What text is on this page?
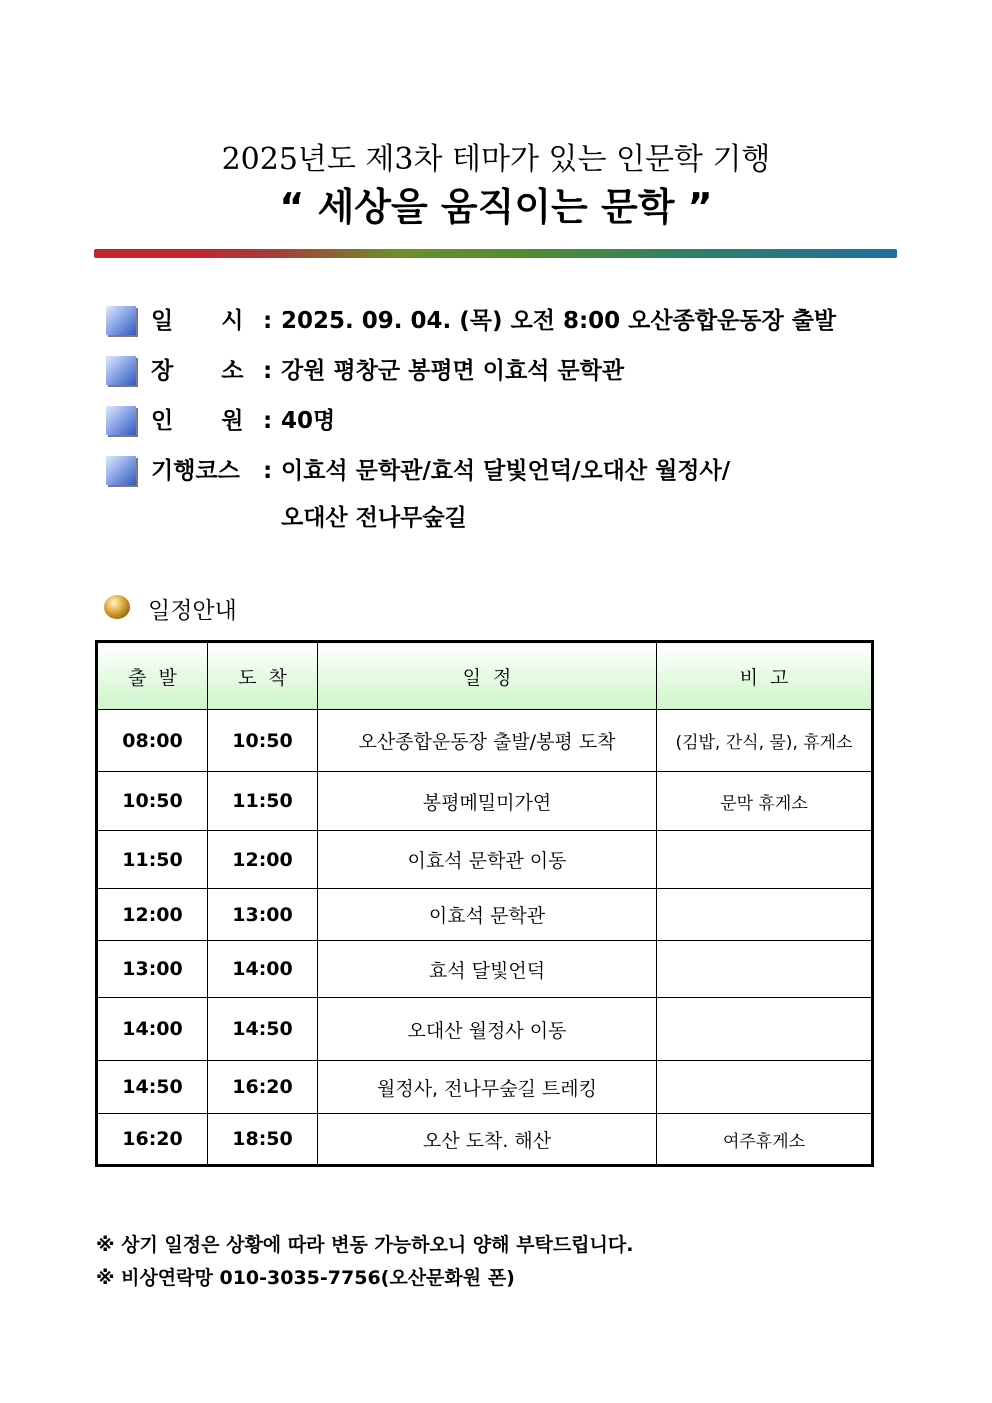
2025년도 제3차 테마가 있는 인문학 기행
“ 세상을 움직이는 문학 ”
일      시 : 2025. 09. 04. (목) 오전 8:00 오산종합운동장 출발
장      소 : 강원 평창군 봉평면 이효석 문학관
인      원 : 40명
기행코스 : 이효석 문학관/효석 달빛언덕/오대산 월정사/
오대산 전나무숲길
일정안내
출  발	도  착	일  정	비  고
08:00	10:50	오산종합운동장 출발/봉평 도착	(김밥, 간식, 물), 휴게소
10:50	11:50	봉평메밀미가연	문막 휴게소
11:50	12:00	이효석 문학관 이동	
12:00	13:00	이효석 문학관	
13:00	14:00	효석 달빛언덕	
14:00	14:50	오대산 월정사 이동	
14:50	16:20	월정사, 전나무숲길 트레킹	
16:20	18:50	오산 도착. 해산	여주휴게소
※ 상기 일정은 상황에 따라 변동 가능하오니 양해 부탁드립니다.
※ 비상연락망 010-3035-7756(오산문화원 폰)
